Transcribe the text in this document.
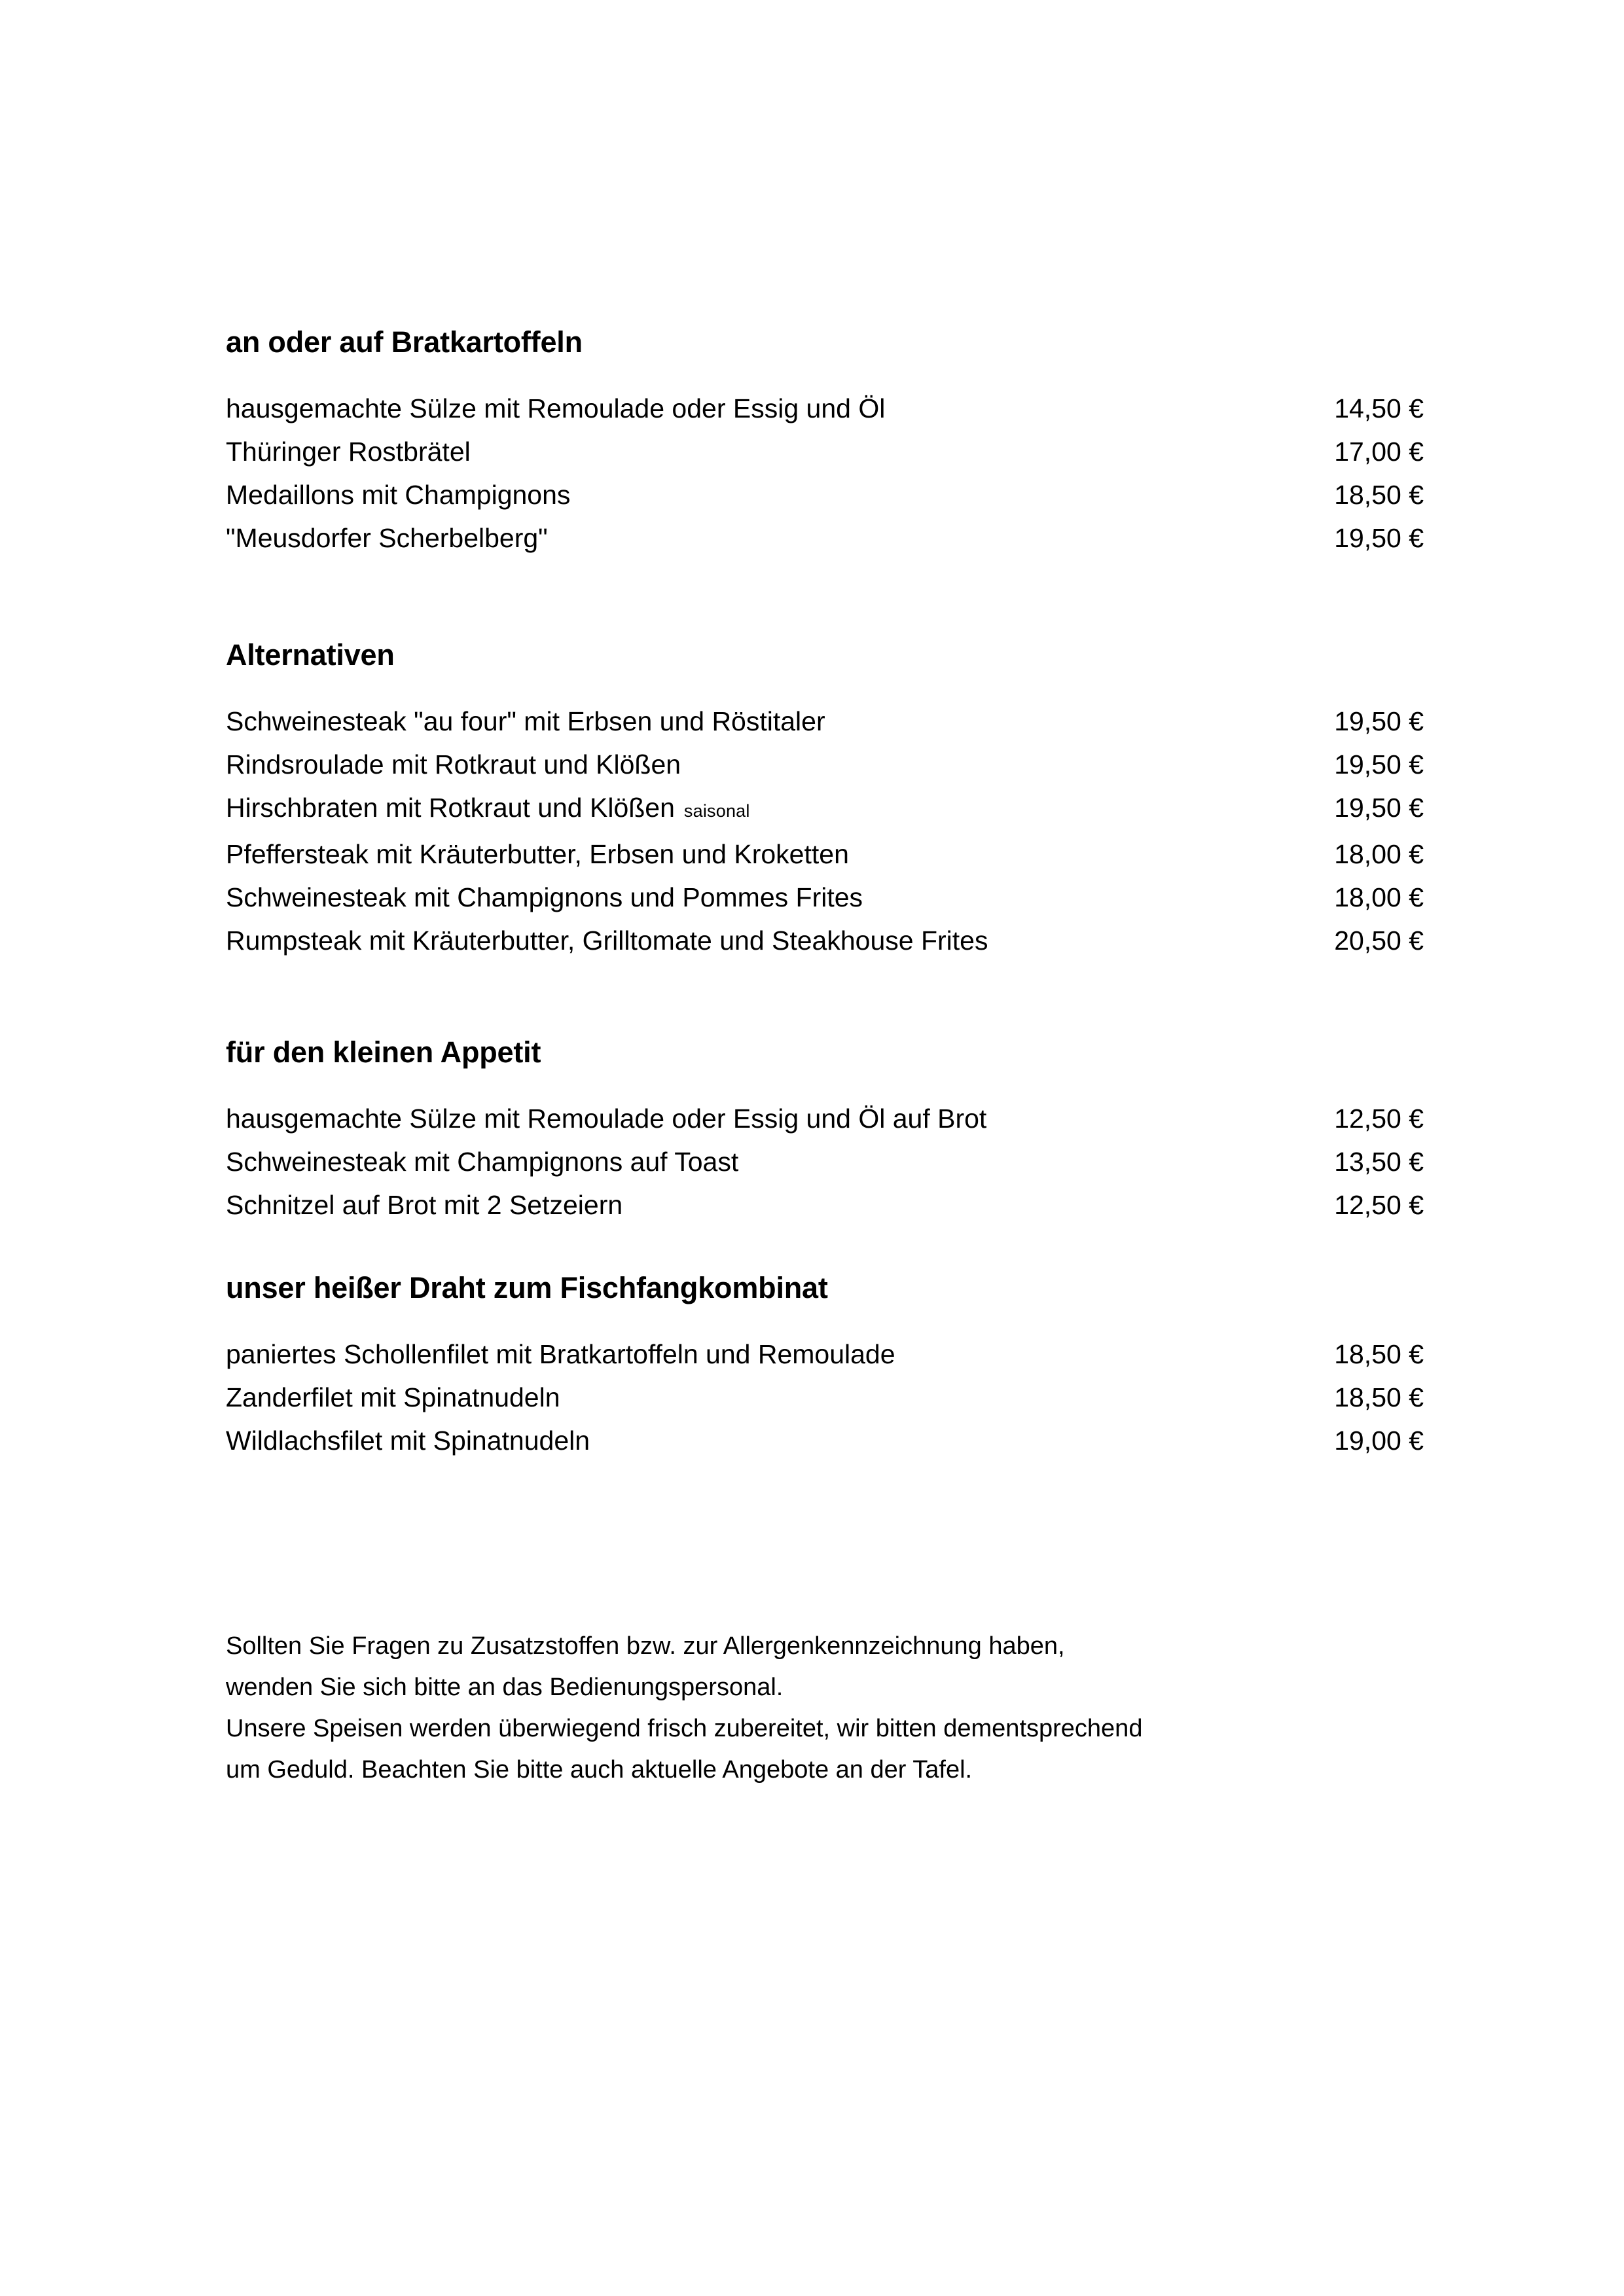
an oder auf Bratkartoffeln
hausgemachte Sülze mit Remoulade oder Essig und Öl	14,50 €
Thüringer Rostbrätel	17,00 €
Medaillons mit Champignons	18,50 €
"Meusdorfer Scherbelberg"	19,50 €
Alternativen
Schweinesteak "au four" mit Erbsen und Röstitaler	19,50 €
Rindsroulade mit Rotkraut und Klößen	19,50 €
Hirschbraten mit Rotkraut und Klößen saisonal	19,50 €
Pfeffersteak mit Kräuterbutter, Erbsen und Kroketten	18,00 €
Schweinesteak mit Champignons und Pommes Frites	18,00 €
Rumpsteak mit Kräuterbutter, Grilltomate und Steakhouse Frites	20,50 €
für den kleinen Appetit
hausgemachte Sülze mit Remoulade oder Essig und Öl auf Brot	12,50 €
Schweinesteak mit Champignons auf Toast	13,50 €
Schnitzel auf Brot mit 2 Setzeiern	12,50 €
unser heißer Draht zum Fischfangkombinat
paniertes Schollenfilet mit Bratkartoffeln und Remoulade	18,50 €
Zanderfilet mit Spinatnudeln	18,50 €
Wildlachsfilet mit Spinatnudeln	19,00 €
Sollten Sie Fragen zu Zusatzstoffen bzw. zur Allergenkennzeichnung haben,
wenden Sie sich bitte an das Bedienungspersonal.
Unsere Speisen werden überwiegend frisch zubereitet, wir bitten dementsprechend
um Geduld. Beachten Sie bitte auch aktuelle Angebote an der Tafel.
